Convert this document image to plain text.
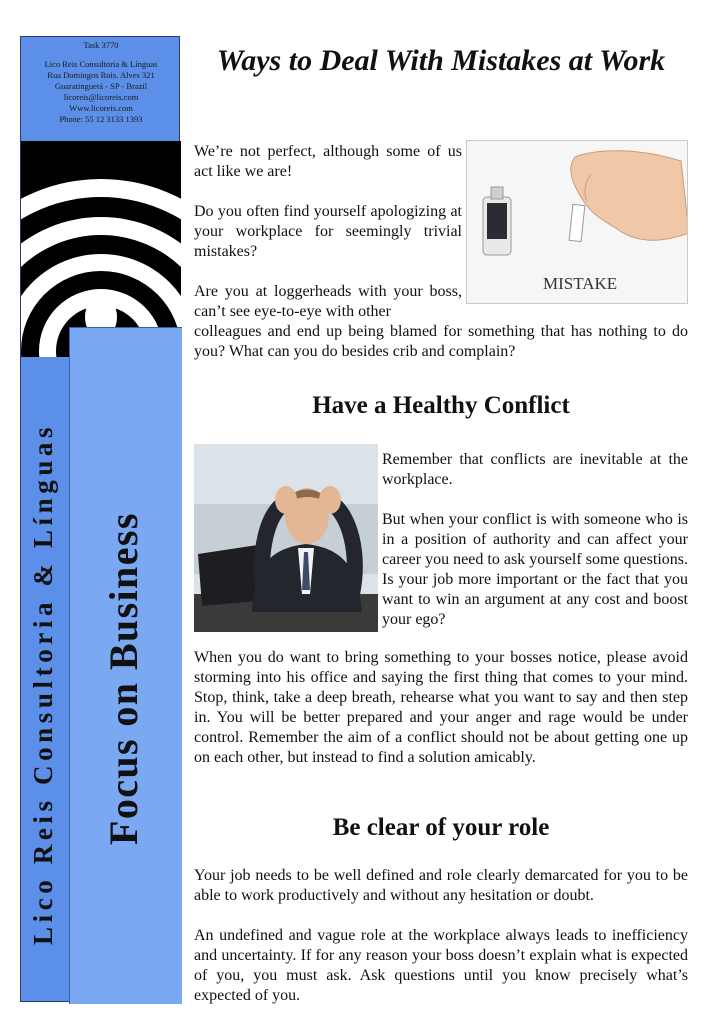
Task 3770
Lico Reis Consultoria & Línguas
Rua Domingos Rois. Alves 321
Guaratinguetá - SP - Brazil
licoreis@licoreis.com
Www.licoreis.com
Phone: 55 12 3133 1393
Lico Reis Consultoria & Línguas Focus on Business
Ways to Deal With Mistakes at Work

We’re not perfect, although some of us act like we are!

Do you often find yourself apologizing at your workplace for seemingly trivial mistakes?

Are you at loggerheads with your boss, can’t see eye-to-eye with other

colleagues and end up being blamed for something that has nothing to do you? What can you do besides crib and complain?

MISTAKE
Have a Healthy Conflict

Remember that conflicts are inevitable at the workplace.

But when your conflict is with someone who is in a position of authority and can affect your career you need to ask yourself some questions. Is your job more important or the fact that you want to win an argument at any cost and boost your ego?

When you do want to bring something to your bosses notice, please avoid storming into his office and saying the first thing that comes to your mind. Stop, think, take a deep breath, rehearse what you want to say and then step in. You will be better prepared and your anger and rage would be under control. Remember the aim of a conflict should not be about getting one up on each other, but instead to find a solution amicably.

Be clear of your role

Your job needs to be well defined and role clearly demarcated for you to be able to work productively and without any hesitation or doubt.

An undefined and vague role at the workplace always leads to inefficiency and uncertainty. If for any reason your boss doesn’t explain what is expected of you, you must ask. Ask questions until you know precisely what’s expected of you.
